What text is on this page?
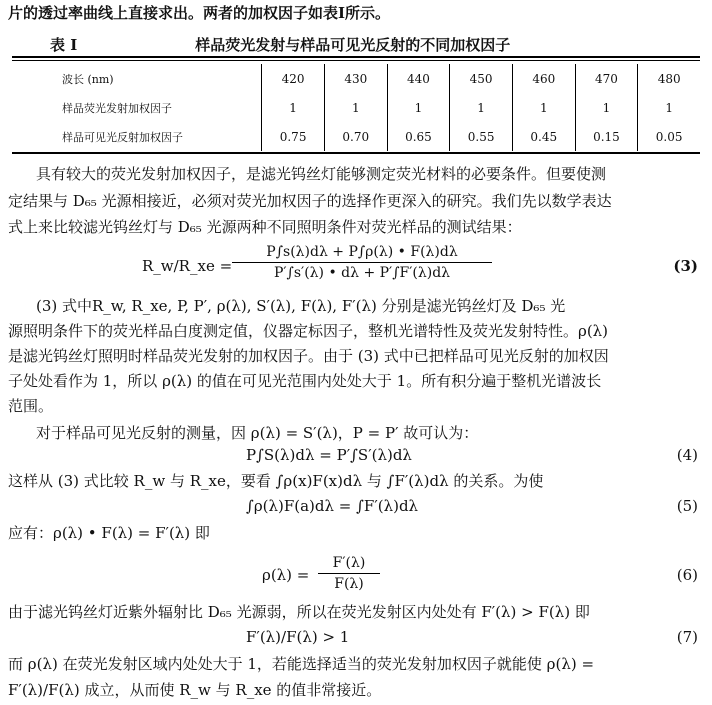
片的透过率曲线上直接求出。两者的加权因子如表I所示。
表 I	样品荧光发射与样品可见光反射的不同加权因子
波长 (nm)	420	430	440	450	460	470	480
样品荧光发射加权因子	1	1	1	1	1	1	1
样品可见光反射加权因子	0.75	0.70	0.65	0.55	0.45	0.15	0.05
具有较大的荧光发射加权因子，是滤光钨丝灯能够测定荧光材料的必要条件。但要使测
定结果与 D₆₅ 光源相接近，必须对荧光加权因子的选择作更深入的研究。我们先以数学表达
式上来比较滤光钨丝灯与 D₆₅ 光源两种不同照明条件对荧光样品的测试结果：
R_w/R_xe =
P∫s(λ)dλ + P∫ρ(λ) • F(λ)dλ
P′∫s′(λ) • dλ + P′∫F′(λ)dλ	(3)
(3) 式中R_w, R_xe, P, P′, ρ(λ), S′(λ), F(λ), F′(λ) 分别是滤光钨丝灯及 D₆₅ 光
源照明条件下的荧光样品白度测定值，仪器定标因子，整机光谱特性及荧光发射特性。ρ(λ)
是滤光钨丝灯照明时样品荧光发射的加权因子。由于 (3) 式中已把样品可见光反射的加权因
子处处看作为 1，所以 ρ(λ) 的值在可见光范围内处处大于 1。所有积分遍于整机光谱波长
范围。
对于样品可见光反射的测量，因 ρ(λ) = S′(λ)，P = P′ 故可认为：
P∫S(λ)dλ = P′∫S′(λ)dλ	(4)
这样从 (3) 式比较 R_w 与 R_xe，要看 ∫ρ(x)F(x)dλ 与 ∫F′(λ)dλ 的关系。为使
∫ρ(λ)F(a)dλ = ∫F′(λ)dλ	(5)
应有：ρ(λ) • F(λ) = F′(λ) 即
ρ(λ) =
F′(λ)
F(λ)	(6)
由于滤光钨丝灯近紫外辐射比 D₆₅ 光源弱，所以在荧光发射区内处处有 F′(λ) > F(λ) 即
F′(λ)/F(λ) > 1	(7)
而 ρ(λ) 在荧光发射区域内处处大于 1，若能选择适当的荧光发射加权因子就能使 ρ(λ) =
F′(λ)/F(λ) 成立，从而使 R_w 与 R_xe 的值非常接近。
